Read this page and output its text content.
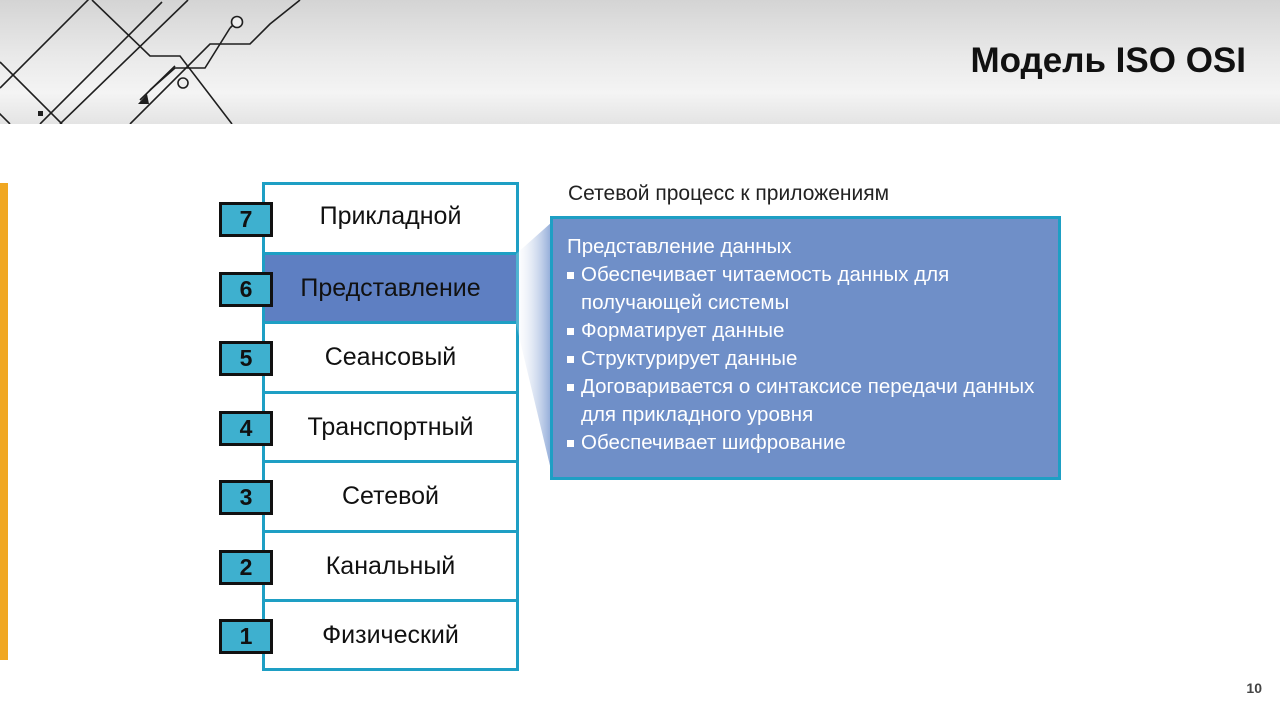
Модель ISO OSI
Прикладной
7
Представление
6
Сеансовый
5
Транспортный
4
Сетевой
3
Канальный
2
Физический
1
Сетевой процесс к приложениям
Представление данных
Обеспечивает читаемость данных для получающей системы
Форматирует данные
Структурирует данные
Договаривается о синтаксисе передачи данных для прикладного уровня
Обеспечивает шифрование
10
